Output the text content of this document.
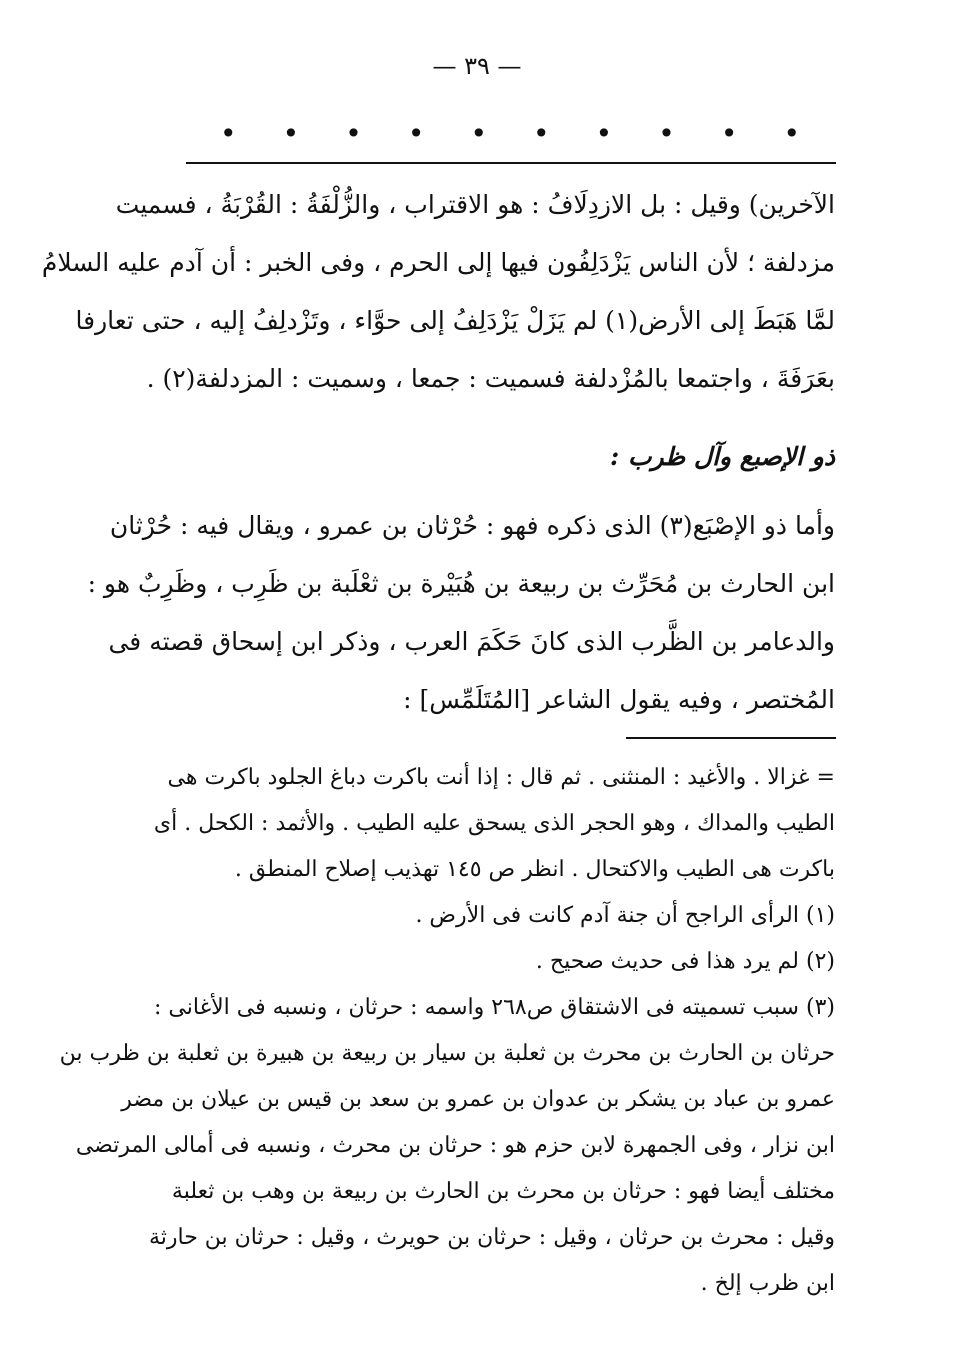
— ٣٩ —
•
•
•
•
•
•
•
•
•
•

الآخرين) وقيل : بل الازدِلَافُ : هو الاقتراب ، والزُّلْفَةُ : القُرْبَةُ ، فسميت

مزدلفة ؛ لأن الناس يَزْدَلِفُون فيها إلى الحرم ، وفى الخبر : أن آدم عليه السلامُ

لمَّا هَبَطَ إلى الأرض(١) لم يَزَلْ يَزْدَلِفُ إلى حوَّاء ، وتَزْدلِفُ إليه ، حتى تعارفا

بعَرَفَةَ ، واجتمعا بالمُزْدلفة فسميت : جمعا ، وسميت : المزدلفة(٢) .

ذو الإصبع وآل ظرب :

وأما ذو الإصْبَع(٣) الذى ذكره فهو : حُرْثان بن عمرو ، ويقال فيه : حُرْثان

ابن الحارث بن مُحَرِّث بن ربيعة بن هُبَيْرة بن ثعْلَبة بن ظَرِب ، وظَرِبٌ هو :

والدعامر بن الظَّرب الذى كانَ حَكَمَ العرب ، وذكر ابن إسحاق قصته فى

المُختصر ، وفيه يقول الشاعر [المُتَلَمِّس] :

= غزالا . والأغيد : المنثنى . ثم قال : إذا أنت باكرت دباغ الجلود باكرت هى

الطيب والمداك ، وهو الحجر الذى يسحق عليه الطيب . والأثمد : الكحل . أى

باكرت هى الطيب والاكتحال . انظر ص ١٤٥ تهذيب إصلاح المنطق .

(١) الرأى الراجح أن جنة آدم كانت فى الأرض .

(٢) لم يرد هذا فى حديث صحيح .

(٣) سبب تسميته فى الاشتقاق ص٢٦٨ واسمه : حرثان ، ونسبه فى الأغانى :

حرثان بن الحارث بن محرث بن ثعلبة بن سيار بن ربيعة بن هبيرة بن ثعلبة بن ظرب بن

عمرو بن عباد بن يشكر بن عدوان بن عمرو بن سعد بن قيس بن عيلان بن مضر

ابن نزار ، وفى الجمهرة لابن حزم هو : حرثان بن محرث ، ونسبه فى أمالى المرتضى

مختلف أيضا فهو : حرثان بن محرث بن الحارث بن ربيعة بن وهب بن ثعلبة

وقيل : محرث بن حرثان ، وقيل : حرثان بن حويرث ، وقيل : حرثان بن حارثة

ابن ظرب إلخ .
